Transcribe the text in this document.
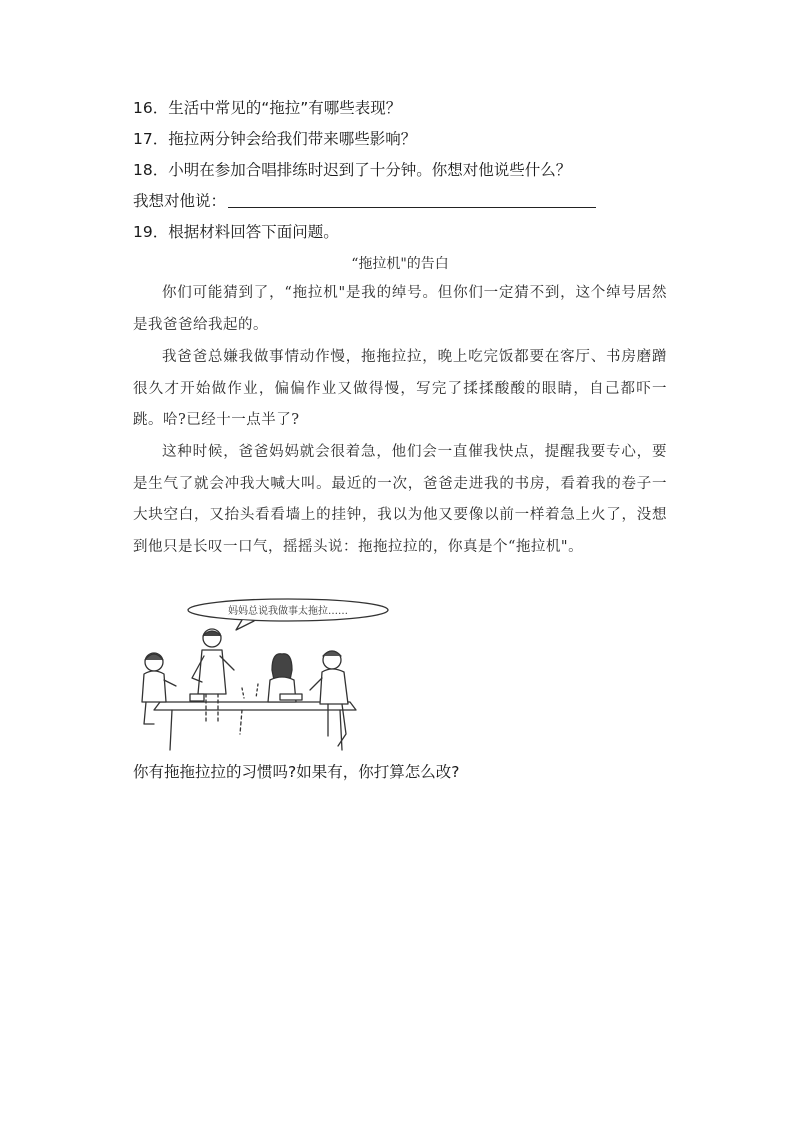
16．生活中常见的“拖拉”有哪些表现？
17．拖拉两分钟会给我们带来哪些影响？
18．小明在参加合唱排练时迟到了十分钟。你想对他说些什么？
我想对他说：
19．根据材料回答下面问题。
“拖拉机"的告白
你们可能猜到了，“拖拉机"是我的绰号。但你们一定猜不到，这个绰号居然是我爸爸给我起的。
我爸爸总嫌我做事情动作慢，拖拖拉拉，晚上吃完饭都要在客厅、书房磨蹭很久才开始做作业，偏偏作业又做得慢，写完了揉揉酸酸的眼睛，自己都吓一跳。哈?已经十一点半了?
这种时候，爸爸妈妈就会很着急，他们会一直催我快点，提醒我要专心，要是生气了就会冲我大喊大叫。最近的一次，爸爸走进我的书房，看着我的卷子一大块空白，又抬头看看墙上的挂钟，我以为他又要像以前一样着急上火了，没想到他只是长叹一口气，摇摇头说：拖拖拉拉的，你真是个“拖拉机"。
妈妈总说我做事太拖拉……
你有拖拖拉拉的习惯吗?如果有，你打算怎么改?
